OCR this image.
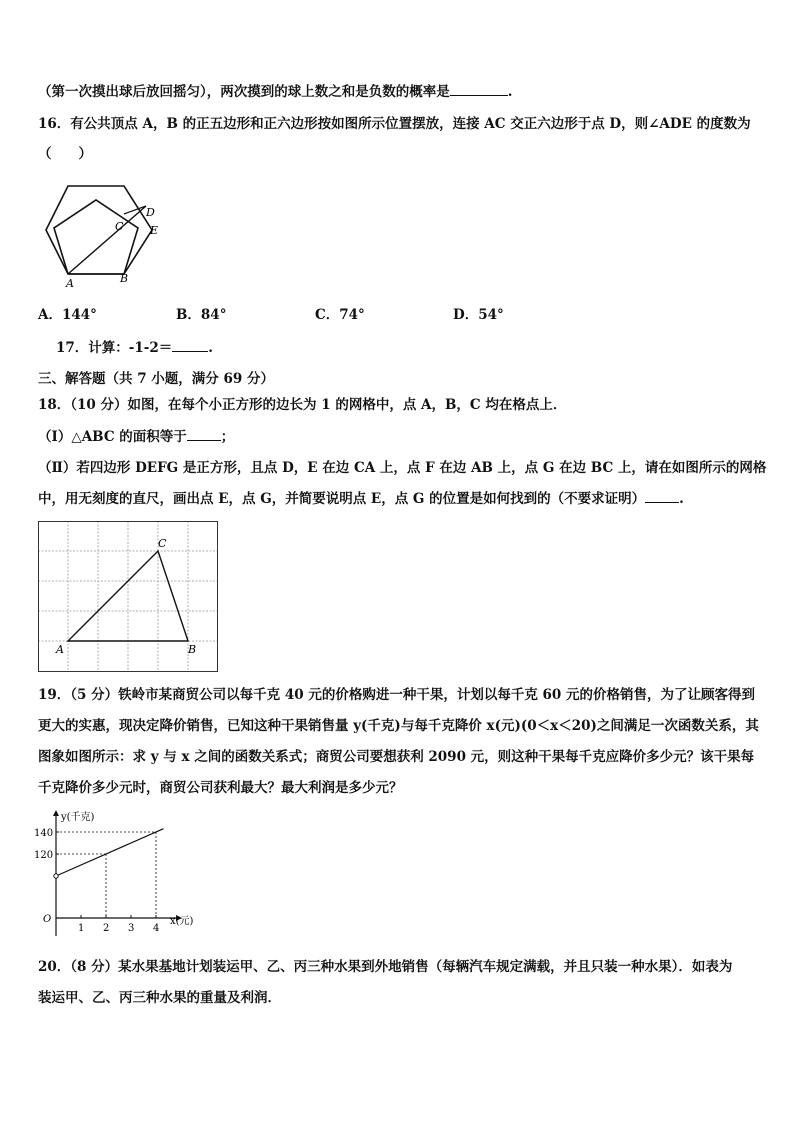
（第一次摸出球后放回摇匀），两次摸到的球上数之和是负数的概率是	.
16．有公共顶点 A，B 的正五边形和正六边形按如图所示位置摆放，连接 AC 交正六边形于点 D，则∠ADE 的度数为
（　　）
A	B
C
D
E
A．144°	B．84°	C．74°	D．54°
17．计算：-1-2＝	.
三、解答题（共 7 小题，满分 69 分）
18．（10 分）如图，在每个小正方形的边长为 1 的网格中，点 A，B，C 均在格点上．
（Ⅰ）△ABC 的面积等于	；
（Ⅱ）若四边形 DEFG 是正方形，且点 D，E 在边 CA 上，点 F 在边 AB 上，点 G 在边 BC 上，请在如图所示的网格
中，用无刻度的直尺，画出点 E，点 G，并简要说明点 E，点 G 的位置是如何找到的（不要求证明）	.
A	B
C
19．（5 分）铁岭市某商贸公司以每千克 40 元的价格购进一种干果，计划以每千克 60 元的价格销售，为了让顾客得到
更大的实惠，现决定降价销售，已知这种干果销售量 y(千克)与每千克降价 x(元)(0＜x＜20)之间满足一次函数关系，其
图象如图所示：求 y 与 x 之间的函数关系式；商贸公司要想获利 2090 元，则这种干果每千克应降价多少元？该干果每
千克降价多少元时，商贸公司获利最大？最大利润是多少元？
y(千克)
x(元)
O
1 2 3 4
120
140
20．（8 分）某水果基地计划装运甲、乙、丙三种水果到外地销售（每辆汽车规定满载，并且只装一种水果）．如表为
装运甲、乙、丙三种水果的重量及利润．
